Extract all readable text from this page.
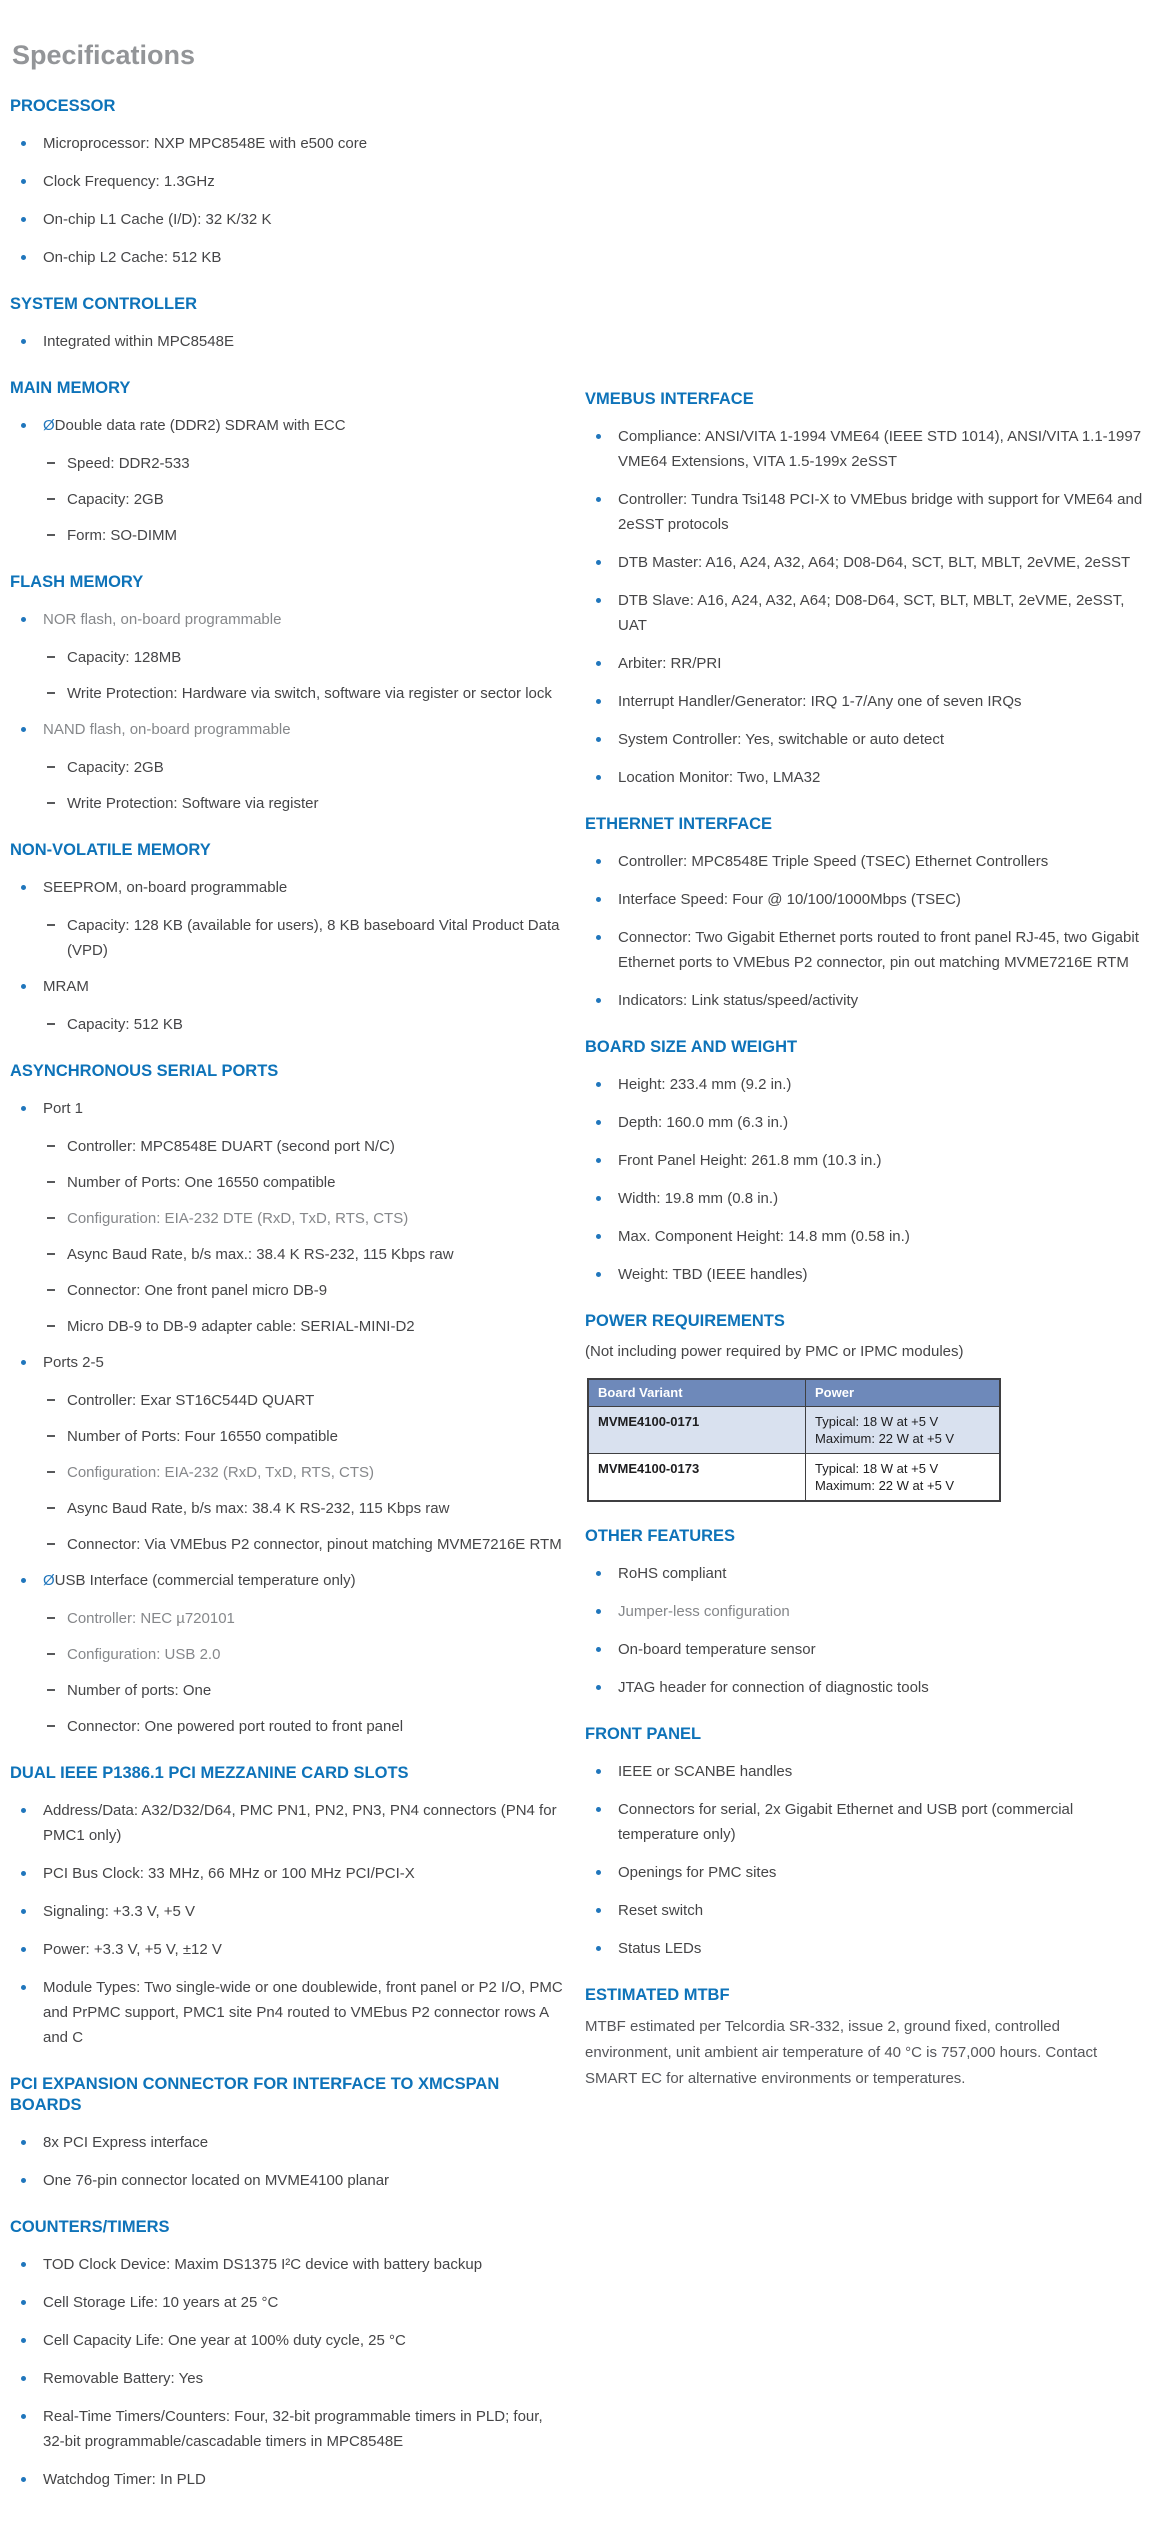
Specifications
PROCESSOR
Microprocessor: NXP MPC8548E with e500 core
Clock Frequency: 1.3GHz
On-chip L1 Cache (I/D): 32 K/32 K
On-chip L2 Cache: 512 KB
SYSTEM CONTROLLER
Integrated within MPC8548E
MAIN MEMORY
ØDouble data rate (DDR2) SDRAM with ECC
Speed: DDR2-533
Capacity: 2GB
Form: SO-DIMM
FLASH MEMORY
NOR flash, on-board programmable
Capacity: 128MB
Write Protection: Hardware via switch, software via register or sector lock
NAND flash, on-board programmable
Capacity: 2GB
Write Protection: Software via register
NON-VOLATILE MEMORY
SEEPROM, on-board programmable
Capacity: 128 KB (available for users), 8 KB baseboard Vital Product Data (VPD)
MRAM
Capacity: 512 KB
ASYNCHRONOUS SERIAL PORTS
Port 1
Controller: MPC8548E DUART (second port N/C)
Number of Ports: One 16550 compatible
Configuration: EIA-232 DTE (RxD, TxD, RTS, CTS)
Async Baud Rate, b/s max.: 38.4 K RS-232, 115 Kbps raw
Connector: One front panel micro DB-9
Micro DB-9 to DB-9 adapter cable: SERIAL-MINI-D2
Ports 2-5
Controller: Exar ST16C544D QUART
Number of Ports: Four 16550 compatible
Configuration: EIA-232 (RxD, TxD, RTS, CTS)
Async Baud Rate, b/s max: 38.4 K RS-232, 115 Kbps raw
Connector: Via VMEbus P2 connector, pinout matching MVME7216E RTM
ØUSB Interface (commercial temperature only)
Controller: NEC µ720101
Configuration: USB 2.0
Number of ports: One
Connector: One powered port routed to front panel
DUAL IEEE P1386.1 PCI MEZZANINE CARD SLOTS
Address/Data: A32/D32/D64, PMC PN1, PN2, PN3, PN4 connectors (PN4 for PMC1 only)
PCI Bus Clock: 33 MHz, 66 MHz or 100 MHz PCI/PCI-X
Signaling: +3.3 V, +5 V
Power: +3.3 V, +5 V, ±12 V
Module Types: Two single-wide or one doublewide, front panel or P2 I/O, PMC and PrPMC support, PMC1 site Pn4 routed to VMEbus P2 connector rows A and C
PCI EXPANSION CONNECTOR FOR INTERFACE TO XMCSPAN BOARDS
8x PCI Express interface
One 76-pin connector located on MVME4100 planar
COUNTERS/TIMERS
TOD Clock Device: Maxim DS1375 I²C device with battery backup
Cell Storage Life: 10 years at 25 °C
Cell Capacity Life: One year at 100% duty cycle, 25 °C
Removable Battery: Yes
Real-Time Timers/Counters: Four, 32-bit programmable timers in PLD; four, 32-bit programmable/cascadable timers in MPC8548E
Watchdog Timer: In PLD
VMEBUS INTERFACE
Compliance: ANSI/VITA 1-1994 VME64 (IEEE STD 1014), ANSI/VITA 1.1-1997 VME64 Extensions, VITA 1.5-199x 2eSST
Controller: Tundra Tsi148 PCI-X to VMEbus bridge with support for VME64 and 2eSST protocols
DTB Master: A16, A24, A32, A64; D08-D64, SCT, BLT, MBLT, 2eVME, 2eSST
DTB Slave: A16, A24, A32, A64; D08-D64, SCT, BLT, MBLT, 2eVME, 2eSST, UAT
Arbiter: RR/PRI
Interrupt Handler/Generator: IRQ 1-7/Any one of seven IRQs
System Controller: Yes, switchable or auto detect
Location Monitor: Two, LMA32
ETHERNET INTERFACE
Controller: MPC8548E Triple Speed (TSEC) Ethernet Controllers
Interface Speed: Four @ 10/100/1000Mbps (TSEC)
Connector: Two Gigabit Ethernet ports routed to front panel RJ-45, two Gigabit Ethernet ports to VMEbus P2 connector, pin out matching MVME7216E RTM
Indicators: Link status/speed/activity
BOARD SIZE AND WEIGHT
Height: 233.4 mm (9.2 in.)
Depth: 160.0 mm (6.3 in.)
Front Panel Height: 261.8 mm (10.3 in.)
Width: 19.8 mm (0.8 in.)
Max. Component Height: 14.8 mm (0.58 in.)
Weight: TBD (IEEE handles)
POWER REQUIREMENTS
(Not including power required by PMC or IPMC modules)
Board Variant	Power
MVME4100-0171	Typical: 18 W at +5 V Maximum: 22 W at +5 V
MVME4100-0173	Typical: 18 W at +5 V Maximum: 22 W at +5 V
OTHER FEATURES
RoHS compliant
Jumper-less configuration
On-board temperature sensor
JTAG header for connection of diagnostic tools
FRONT PANEL
IEEE or SCANBE handles
Connectors for serial, 2x Gigabit Ethernet and USB port (commercial temperature only)
Openings for PMC sites
Reset switch
Status LEDs
ESTIMATED MTBF

MTBF estimated per Telcordia SR-332, issue 2, ground fixed, controlled environment, unit ambient air temperature of 40 °C is 757,000 hours. Contact SMART EC for alternative environments or temperatures.
